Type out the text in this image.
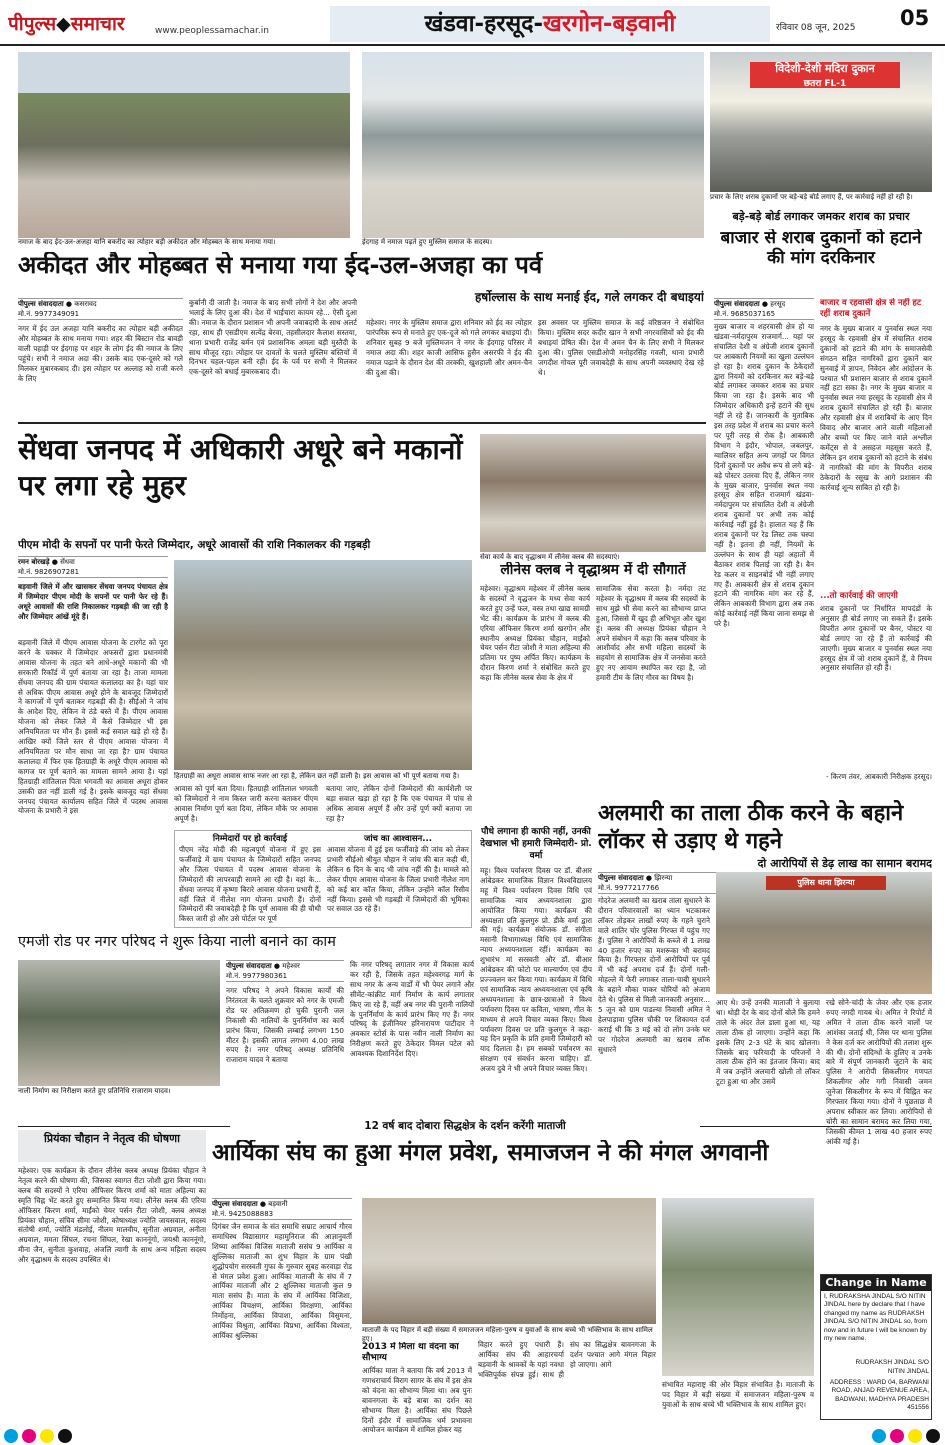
पीपुल्स◆समाचार	www.peoplessamachar.in	खंडवा-हरसूद-खरगोन-बड़वानी	रविवार 08 जून, 2025 05
नमाज के बाद ईद-उल-अजहा यानि बकरीद का त्योहार बड़ी अकीदत और मोहब्बत के साथ मनाया गया।	ईदगाह में नमाज पढ़ते हुए मुस्लिम समाज के सदस्य।
विदेशी-देशी मदिरा दुकान
छतरा FL-1
प्रचार के लिए शराब दुकानों पर बड़े-बड़े बोर्ड लगाए हैं, पर कार्रवाई नहीं हो रही है।
अकीदत और मोहब्बत से मनाया गया ईद-उल-अजहा का पर्व
हर्षोल्लास के साथ मनाई ईद, गले लगकर दी बधाइयां
पीपुल्स संवाददाता ● कसरावद
मो.नं. 9977349091
नगर में ईद उल अजहा यानि बकरीद का त्योहार बड़ी अकीदत और मोहब्बत के साथ मनाया गया। शहर की बिस्टान रोड बावड़ी वाली पहाड़ी पर ईदगाह पर शहर के लोग ईद की नमाज के लिए पहुंचे। सभी ने नमाज अदा की। उसके बाद एक-दूसरे को गले मिलकर मुबारकबाद दी। इस त्योहार पर अल्लाह को राजी करने के लिए
कुर्बानी दी जाती है। नमाज के बाद सभी लोगों ने देश और अपनी भलाई के लिए दुआ की। देश में भाईचारा कायम रहे... ऐसी दुआ की। नमाज के दौरान प्रशासन भी अपनी जवाबदारी के साथ अलर्ट रहा, साथ ही एसडीएम सत्येंद्र बेरवा, तहसीलदार कैलाश सस्तया, थाना प्रभारी राजेंद्र बर्मन एवं प्रशासनिक अमला बड़ी मुस्तैदी के साथ मौजूद रहा। त्योहार पर दावतों के चलते मुस्लिम बस्तियों में दिनभर चहल-पहल बनी रही। ईद के पर्व पर सभी ने मिलकर एक-दूसरे को बधाई मुबारकबाद दी।
महेश्वर। नगर के मुस्लिम समाज द्वारा शनिवार को ईद का त्योहार पारंपरिक रूप से मनाते हुए एक-दूजे को गले लगकर बधाइयां दी। शनिवार सुबह 9 बजे मुस्लिमजन ने नगर के ईदगाह परिसर में नमाज अदा की। शहर काजी आसिफ हुसैन असरफी ने ईद की नमाज पढ़ाने के दौरान देश की तरक्की, खुशहाली और अमन-चैन की दुआ की।
इस अवसर पर मुस्लिम समाज के कई वरिष्ठजन ने संबोधित किया। मुस्लिम सदर कदीर खान ने सभी नगरवासियों को ईद की बधाइयां प्रेषित की। देश में अमन चैन के लिए सभी ने मिलकर दुआ की। पुलिस एसडीओपी मनोहरसिंह गवली, थाना प्रभारी जगदीश गोयल पूरी जवाबदेही के साथ अपनी व्यवस्थाएं देख रहे थे।
बड़े-बड़े बोर्ड लगाकर जमकर शराब का प्रचार
बाजार से शराब दुकानों को हटाने की मांग दरकिनार
पीपुल्स संवाददाता ● हरसूद
मो.नं. 9685037165
मुख्य बाजार व शहरवासी क्षेत्र हो या खंडवा-नर्मदापुरम राजमार्ग... यहां पर संचालित देशी व अंग्रेजी शराब दुकानों पर आबकारी नियमों का खुला उल्लंघन हो रहा है। शराब दुकान के ठेकेदारों द्वारा नियमों को दरकिनार कर बड़े-बड़े बोर्ड लगाकर जमकर शराब का प्रचार किया जा रहा है। इसके बाद भी जिम्मेदार अधिकारी इन्हें हटाने की सुध नहीं ले रहे हैं। जानकारी के मुताबिक इस तरह प्रदेश में शराब का प्रचार करने पर पूरी तरह से रोक है। आबकारी विभाग ने इंदौर, भोपाल, जबलपुर, ग्वालियर सहित अन्य जगहों पर विगत दिनों दुकानों पर अवैध रूप से लगे बड़े-बड़े पोस्टर उतरवा दिए हैं, लेकिन नगर के मुख्य बाजार, पुनर्वास स्थल नया हरसूद क्षेत्र सहित राजमार्ग खंडवा-नर्मदापुरम पर संचालित देशी व अंग्रेजी शराब दुकानों पर अभी तक कोई कार्रवाई नहीं हुई है। हालात यह हैं कि शराब दुकानों पर रेड लिस्ट तक चस्पा नहीं है। इतना ही नहीं, नियमों के उल्लंघन के साथ ही यहां अहातों में बैठाकर शराब पिलाई जा रही है। बैन रेड कलर व साइनबोर्ड भी नहीं लगाए गए हैं। आबकारी क्षेत्र से शराब दुकान हटाने की नागरिक मांग कर रहे हैं, लेकिन आबकारी विभाग द्वारा अब तक कोई कार्रवाई नहीं किया जाना समझ से परे है।
बाजार व रहवासी क्षेत्र से नहीं हट रहीं शराब दुकानें
नगर के मुख्य बाजार व पुनर्वास स्थल नया हरसूद के रहवासी क्षेत्र में संचालित शराब दुकानों को हटाने की मांग के समाजसेवी संगठन सहित नागरिकों द्वारा दुकानें बार सुनवाई में ज्ञापन, निवेदन और आंदोलन के पश्चात भी प्रशासन बाजार से शराब दुकानें नहीं हटा सका है। नगर के मुख्य बाजार व पुनर्वास स्थल नया हरसूद के रहवासी क्षेत्र में शराब दुकानें संचालित हो रही हैं। बाजार और रहवासी क्षेत्र में शराबियों के आए दिन विवाद और बाजार आने वाली महिलाओं और बच्चों पर किए जाने वाले अश्लील कमेंट्स से वे असहज महसूस करते हैं, लेकिन इन शराब दुकानों को हटाने के संबंध में नागरिकों की मांग के विपरीत शराब ठेकेदारों के रसूख के आगे प्रशासन की कार्रवाई शून्य साबित हो रही है।
...तो कार्रवाई की जाएगी
शराब दुकानों पर निर्धारित मापदंडों के अनुसार ही बोर्ड लगाए जा सकते हैं। इसके विपरीत अगर दुकानों पर बैनर, पोस्टर या बोर्ड लगाए जा रहे हैं तो कार्रवाई की जाएगी। मुख्य बाजार व पुनर्वास स्थल नया हरसूद क्षेत्र में जो शराब दुकानें हैं, वे नियम अनुसार संचालित हो रही हैं।
- किरण तंवर, आबकारी निरीक्षक हरसूद।
सेंधवा जनपद में अधिकारी अधूरे बने मकानों पर लगा रहे मुहर
पीएम मोदी के सपनों पर पानी फेरते जिम्मेदार, अधूरे आवासों की राशि निकालकर की गड़बड़ी
रमन बोरखड़े ● सेंधवा
मो.नं. 9826907281
बड़वानी जिले में और खासकर सेंधवा जनपद पंचायत क्षेत्र में जिम्मेदार पीएम मोदी के सपनों पर पानी फेर रहे हैं। अधूरे आवासों की राशि निकालकर गड़बड़ी की जा रही है और जिम्मेदार आंखें मूंदे हैं।
बड़वानी जिले में पीएम आवास योजना के टारगेट को पूरा करने के चक्कर में जिम्मेदार अफसरों द्वारा प्रधानमंत्री आवास योजना के तहत बने आधे-अधूरे मकानों की भी सरकारी रिकॉर्ड में पूर्ण बताया जा रहा है। ताजा मामला सेंधवा जनपद की ग्राम पंचायत कलालदा का है। यहां चार से अधिक पीएम आवास अधूरे होने के बावजूद जिम्मेदारों ने कागजों में पूर्ण बताकर गड़बड़ी की है। सीईओ ने जांच के आदेश दिए, लेकिन वे ठंडे बस्ते में हैं। पीएम आवास योजना को लेकर जिले में कैसे जिम्मेदार भी इस अनियमितता पर मौन हैं। इससे कई सवाल खड़े हो रहे हैं। आखिर क्यों जिले स्तर से पीएम आवास योजना में अनियमितता पर मौन साधा जा रहा है? ग्राम पंचायत कलालदा में फिर एक हितग्राही के अधूरे पीएम आवास को कागज पर पूर्ण बताने का मामला सामने आया है। यहां हितग्राही शांतिलाल पिता भगवती का आवास अधूरा होकर उसकी छत नहीं डाली गई है। इसके बावजूद यहां सेंधवा जनपद पंचायत कार्यालय सहित जिले में पदस्थ आवास योजना के प्रभारी ने इस
हितग्राही का अधूरा आवास साफ नजर आ रहा है, लेकिन छत नहीं डाली है। इस आवास को भी पूर्ण बताया गया है।
आवास को पूर्ण बता दिया। हितग्राही शांतिलाल भगवती को जिम्मेदारों ने नाम किस्त जारी करना बताकर पीएम आवास निर्माण पूर्ण बता दिया, लेकिन मौके पर आवास अपूर्ण है।
बताया जाए, लेकिन दोनों जिम्मेदारों की कार्यशैली पर बड़ा सवाल खड़ा हो रहा है कि एक पंचायत में पांच से अधिक आवास अपूर्ण हैं और उन्हें पूर्ण क्यों बताया जा रहा है?
निम्मेदारों पर हो कार्रवाई
पीएम नरेंद्र मोदी की महत्वपूर्ण योजना में हुए इस फर्जीवाड़े में ग्राम पंचायत के जिम्मेदारों सहित जनपद और जिला पंचायत में पदस्थ आवास योजना के जिम्मेदारों की लापरवाही सामने आ रही है। वहां के... सेंधवा जनपद में कृष्णा बिरारे आवास योजना प्रभारी हैं, वहीं जिले में नीलेश नाग योजना प्रभारी हैं। दोनों जिम्मेदारों की जवाबदेही है कि पूर्ण आवास की ही चौथी किस्त जारी हो और उसे पोर्टल पर पूर्ण
जांच का आश्वासन...
आवास योजना में हुई इस फर्जीवाड़े की जांच को लेकर प्रभारी सीईओ श्रीयुत चौहान ने जांच की बात कही थी, लेकिन 6 दिन के बाद भी जांच नहीं की है। मामले को लेकर पीएम आवास योजना के जिला प्रभारी नीलेश नाग को कई बार कॉल किया, लेकिन उन्होंने कॉल रिसीव नहीं किया। इससे भी गड़बड़ी में जिम्मेदारों की भूमिका पर सवाल उठ रहे हैं।
सेवा कार्य के बाद वृद्धाश्रम में लीनेस क्लब की सदस्याएं।
लीनेस क्लब ने वृद्धाश्रम में दी सौगातें
महेश्वर। वृद्धाश्रम महेश्वर में लीनेस क्लब के सदस्यों ने वृद्धजन के मध्य सेवा कार्य करते हुए उन्हें फल, वस्त्र तथा खाद्य सामग्री भेंट की। कार्यक्रम के प्रारंभ में क्लब की एरिया ऑफिसर किरण शर्मा खरगोन और स्थानीय अध्यक्ष प्रियंका चौहान, माईंको चेयर पर्सन रीटा जोशी ने माता अहिल्या की प्रतिमा पर पुष्प अर्पित किए। कार्यक्रम के दौरान किरण शर्मा ने संबोधित करते हुए कहा कि लीनेस क्लब सेवा के क्षेत्र में
सामाजिक सेवा करता है। नर्मदा तट महेश्वर के वृद्धाश्रम में क्लब की सदस्यों के साथ मुझे भी सेवा करने का सौभाग्य प्राप्त हुआ, जिससे मैं खुद ही अभिभूत और खुश हूं। क्लब की अध्यक्ष प्रियंका चौहान ने अपने संबोधन में कहा कि क्लब परिवार के आशीर्वाद और सभी महिला सदस्यों के सहयोग से सामाजिक क्षेत्र में जनसेवा करते हुए नए आयाम स्थापित कर रहा है, जो हमारी टीम के लिए गौरव का विषय है।
पौधे लगाना ही काफी नहीं, उनकी देखभाल भी हमारी जिम्मेदारी- प्रो. वर्मा
महू। विश्व पर्यावरण दिवस पर डॉ. बीआर आंबेडकर सामाजिक विज्ञान विश्वविद्यालय महू में विश्व पर्यावरण दिवस विधि एवं सामाजिक न्याय अध्ययनशाला द्वारा आयोजित किया गया। कार्यक्रम की अध्यक्षता प्रति कुलगुरु प्रो. डीके वर्मा द्वारा की गई। कार्यक्रम संयोजक डॉ. संगीता मसानी विभागाध्यक्ष विधि एवं सामाजिक न्याय अध्ययनशाला रहीं। कार्यक्रम का शुभारंभ मां सरस्वती और डॉ. बीआर आंबेडकर की फोटो पर माल्यार्पण एवं दीप प्रज्ज्वलन कर किया गया। कार्यक्रम में विधि एवं सामाजिक न्याय अध्ययनशाला एवं कृषि अध्ययनशाला के छात्र-छात्राओं ने विश्व पर्यावरण दिवस पर कविता, भाषण, गीत के माध्यम से अपने विचार व्यक्त किए। विश्व पर्यावरण दिवस पर प्रति कुलगुरु ने कहा- यह दिन प्रकृति के प्रति हमारी जिम्मेदारी को याद दिलाता है। हम सबको पर्यावरण का संरक्षण एवं संवर्धन करना चाहिए। डॉ. अजय दुबे ने भी अपने विचार व्यक्त किए।
अलमारी का ताला ठीक करने के बहाने लॉकर से उड़ाए थे गहने
दो आरोपियों से डेढ़ लाख का सामान बरामद
पीपुल्स संवाददाता ● झिरन्या
मो.नं. 9977217766
गोदरेज अलमारी का खराब ताला सुधारने के दौरान परिवारवालों का ध्यान भटकाकर लॉकर तोड़कर लाखों रुपए के गहने चुराने वाले शातिर चोर पुलिस गिरफ्त में पहुंच गए हैं। पुलिस ने आरोपियों के कब्जे से 1 लाख 40 हजार रुपए का मशरूका भी बरामद किया है। गिरफ्तार दोनों आरोपियों पर पूर्व में भी कई अपराध दर्ज हैं। दोनों गली-मोहल्ले में फेरी लगाकर ताला-चाबी सुधारने के बहाने मौका पाकर चोरियों को अंजाम देते थे। पुलिस से मिली जानकारी अनुसार... 5 जून को ग्राम पाडल्या निवासी अमित ने हेलपाड़ावा पुलिस चौकी पर शिकायत दर्ज कराई थी कि 3 मई को दो लोग उनके घर पर गोदरेज अलमारी का खराब लॉक सुधारने
पुलिस थाना झिरन्या
आए थे। उन्हें उनकी माताजी ने बुलाया था। थोड़ी देर के बाद दोनों बोले कि हमने ताले के अंदर तेल डाला हुआ था, यह ताला ठीक हो जाएगा। उन्होंने कहा कि इसके लिए 2-3 घंटे के बाद खोलना। जिसके बाद फरियादी के परिजनों ने ताला ठीक होने का इंतजार किया। बाद में जब उन्होंने अलमारी खोली तो लॉकर टूटा हुआ था और उसमें
रखे सोने-चांदी के जेवर और एक हजार रुपए नगदी गायब थे। अमित ने रिपोर्ट में अमित ने ताला ठीक करने वालों पर आशंका जताई थी, जिस पर थाना पुलिस ने केस दर्ज कर आरोपियों की तलाश शुरू की थी। दोनों संदिग्धों के हुलिए व उनके बारे में संपूर्ण जानकारी जुटाने के बाद पुलिस ने आरोपी सिकलीगर गणपत शिकलीगर और गगी निवासी जमन जुनेजा सिकलीगर के रूप में चिह्नित कर गिरफ्तार किया गया। दोनों ने पूछताछ में अपराध स्वीकार कर लिया। आरोपियों से चोरी का सामान बरामद कर लिया गया, जिसकी कीमत 1 लाख 40 हजार रुपए आंकी गई है।
एमजी रोड पर नगर परिषद ने शुरू किया नाली बनाने का काम
नाली निर्माण का निरीक्षण करते हुए प्रतिनिधि राजाराम यादव।
पीपुल्स संवाददाता ● महेश्वर
मो.नं. 9977980361
नगर परिषद ने अपने विकास कार्यों की निरंतरता के चलते शुक्रवार को नगर के एमजी रोड पर अतिक्रमण हो चुकी पुरानी जल निकासी की नालियों के पुनर्निर्माण का कार्य प्रारंभ किया, जिसकी लम्बाई लगभग 150 मीटर है। इसकी लागत लगभग 4.00 लाख रुपए है। नगर परिषद् अध्यक्ष प्रतिनिधि राजाराम यादव ने बताया
कि नगर परिषद् लगातार नगर में विकास कार्य कर रही है, जिसके तहत महेश्वरगढ़ मार्ग के साथ नगर के अन्य वार्डों में भी पेयर लगाने और सीमेंट-कांक्रीट मार्ग निर्माण के कार्य लगातार किए जा रहे हैं, वहीं अब नगर की पुरानी नालियों के पुनर्निर्माण के कार्य प्रारंभ किए गए हैं। नगर परिषद् के इंजीनियर हरिनारायण पाटीदार ने अवकार स्टोर्स के पास नवीन नाली निर्माण का निरीक्षण करते हुए ठेकेदार विमल पटेल को आवश्यक दिशानिर्देश दिए।
12 वर्ष बाद दोबारा सिद्धक्षेत्र के दर्शन करेंगी माताजी
प्रियंका चौहान ने नेतृत्व की घोषणा
महेश्वर। एक कार्यक्रम के दौरान लीनेस क्लब अध्यक्ष प्रियंका चौहान ने नेतृत्व करने की घोषणा की, जिसका स्वागत रीटा जोशी द्वारा किया गया। क्लब की सदस्यों ने एरिया ऑफिसर किरण शर्मा को माता अहिल्या का स्मृति चिह्न भेंट करते हुए सम्मानित किया गया। लीनेस क्लब की एरिया ऑफिसर किरण शर्मा, माईंको चेयर पर्सन रीटा जोशी, क्लब अध्यक्ष प्रियंका चौहान, संचिव सीमा जोशी, कोषाध्यक्ष ज्योति जायसवाल, सदस्य संतोषी शर्मा, ज्योति मंडलोई, नीलम मालवीय, सुनीता अग्रवाल, अनीता अग्रवाल, ममता सिंघल, रचना सिंघल, रेखा काननूंगो, जयश्री काननूंगो, मीना जैन, सुनीता कुशवाह, अंजलि त्यागी के साथ अन्य महिला सदस्य और वृद्धाश्रम के सदस्य उपस्थित थे।
आर्यिका संघ का हुआ मंगल प्रवेश, समाजजन ने की मंगल अगवानी
पीपुल्स संवाददाता ● बड़वानी
मो.नं. 9425088883
दिगंबर जैन समाज के संत समाधि सम्राट आचार्य गौरव समाधिस्थ विद्यासागर महामुनिराज की आज्ञानुवर्ती शिष्या आर्यिका विजिस माताजी ससंघ 9 आर्यिका व क्षुल्लिका माताजी का शुभ विहार के ग्राम पंखी शुद्धोपयोग सरस्वती गुफा के गुरुवार सुबह करवाड़ा रोड से मंगल प्रवेश हुआ। आर्यिका माताजी के संघ में 7 आर्यिका माताजी और 2 क्षुल्लिका माताजी कुल 9 माता ससंघ हैं। माता के संघ में आर्यिका विजिशा, आर्यिका विचक्षण, आर्यिका विरक्षणा, आर्यिका निर्मोहना, आर्यिका विपाशा, आर्यिका विसुमना, आर्यिका विश्रुता, आर्यिका विप्रभा, आर्यिका विश्वता, आर्यिका श्रुल्लिका
माताजी के पद विहार में बड़ी संख्या में समाजजन महिला-पुरुष व युवाओं के साथ बच्चे भी भक्तिभाव के साथ शामिल हुए।
2013 में मिला था वंदना का सौभाग्य
आर्यिका माता ने बताया कि वर्ष 2013 में गणधराचार्य विराग सागर के संघ में इस क्षेत्र को वंदना का सौभाग्य मिला था। अब पुनः बावनगजा के बड़े बाबा का दर्शन का सौभाग्य मिला है। आर्यिका संघ पिछले दिनों इंदौर में सामाजिक धर्म प्रभावना आयोजन कार्यक्रम में शामिल होकर यह
विहार करते हुए पधारी हैं। आर्यिका संघ की आहारचर्या बड़वानी के श्रावकों के यहां नवधा भक्तिपूर्वक संपन्न हुई। साथ ही संघ का सिद्धक्षेत्र बावनगजा के दर्शन पश्चात आगे मंगल विहार हो जाएगा। आगे
संभावित महाराष्ट्र की ओर विहार संभावित है। माताजी के पद विहार में बड़ी संख्या में समाजजन महिला-पुरुष व युवाओं के साथ बच्चे भी भक्तिभाव के साथ शामिल हुए।
Change in Name
I, RUDRAKSHA JINDAL S/O NITIN JINDAL here by declare that I have changed my name as RUDRAKSH JINDAL S/O NITIN JINDAL so, from now and in future I will be known by my new name.
RUDRAKSH JINDAL S/O
NITIN JINDAL
ADDRESS : WARD 04, BARWANI ROAD, ANJAD REVENUE AREA, BADWANI, MADHYA PRADESH 451556
